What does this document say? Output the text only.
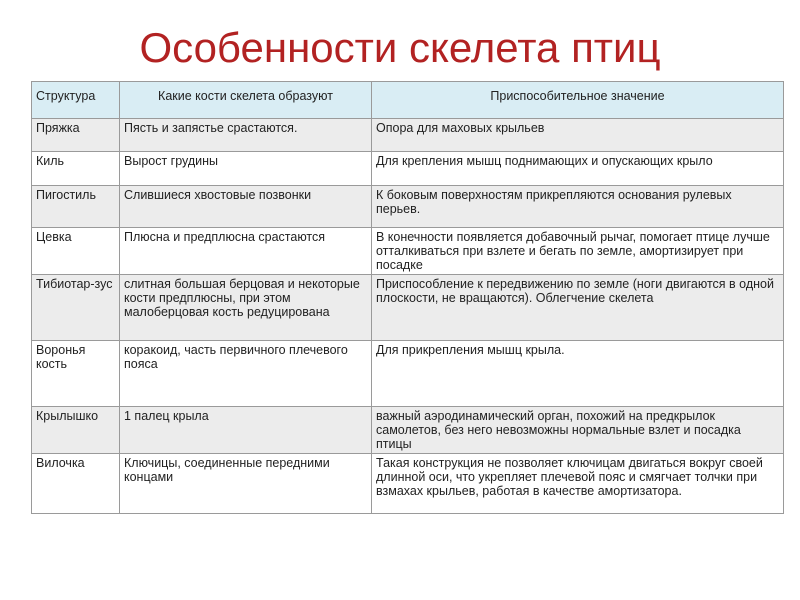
Особенности скелета птиц
Структура	Какие кости скелета образуют	Приспособительное значение
Пряжка	Пясть и запястье срастаются.	Опора для маховых крыльев
Киль	Вырост грудины	Для крепления мышц поднимающих и опускающих крыло
Пигостиль	Слившиеся хвостовые позвонки	К боковым поверхностям прикрепляются основания рулевых перьев.
Цевка	Плюсна и предплюсна срастаются	В конечности появляется добавочный рычаг, помогает птице лучше отталкиваться при взлете и бегать по земле, амортизирует при посадке
Тибиотар-зус	слитная большая берцовая и некоторые кости предплюсны, при этом малоберцовая кость редуцирована	Приспособление к передвижению по земле (ноги двигаются в одной плоскости, не вращаются). Облегчение скелета
Воронья кость	коракоид, часть первичного плечевого пояса	Для прикрепления мышц крыла.
Крылышко	1 палец крыла	важный аэродинамический орган, похожий на предкрылок самолетов, без него невозможны нормальные взлет и посадка птицы
Вилочка	Ключицы, соединенные передними концами	Такая конструкция не позволяет ключицам двигаться вокруг своей длинной оси, что укрепляет плечевой пояс и смягчает толчки при взмахах крыльев, работая в качестве амортизатора.
